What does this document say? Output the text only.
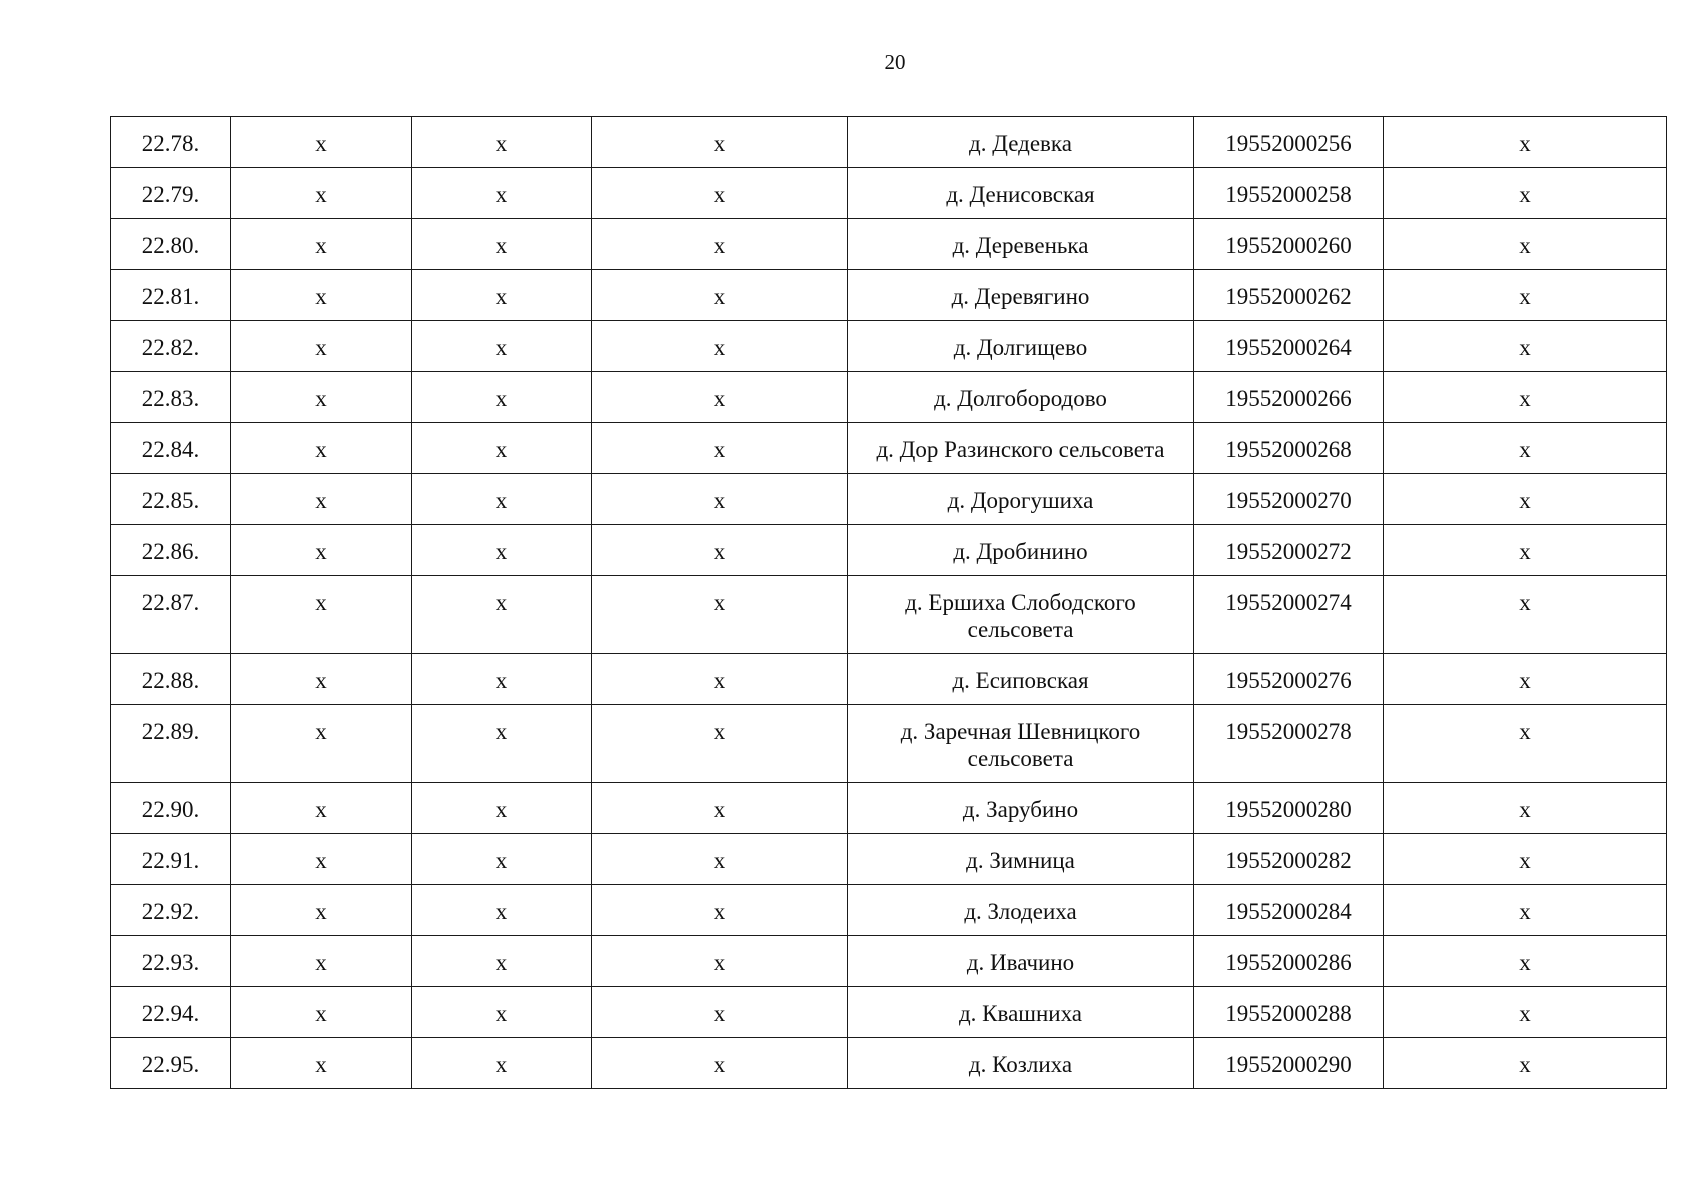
20
22.78.	x	x	x	д. Дедевка	19552000256	x
22.79.	x	x	x	д. Денисовская	19552000258	x
22.80.	x	x	x	д. Деревенька	19552000260	x
22.81.	x	x	x	д. Деревягино	19552000262	x
22.82.	x	x	x	д. Долгищево	19552000264	x
22.83.	x	x	x	д. Долгобородово	19552000266	x
22.84.	x	x	x	д. Дор Разинского сельсовета	19552000268	x
22.85.	x	x	x	д. Дорогушиха	19552000270	x
22.86.	x	x	x	д. Дробинино	19552000272	x
22.87.	x	x	x	д. Ершиха Слободского сельсовета	19552000274	x
22.88.	x	x	x	д. Есиповская	19552000276	x
22.89.	x	x	x	д. Заречная Шевницкого сельсовета	19552000278	x
22.90.	x	x	x	д. Зарубино	19552000280	x
22.91.	x	x	x	д. Зимница	19552000282	x
22.92.	x	x	x	д. Злодеиха	19552000284	x
22.93.	x	x	x	д. Ивачино	19552000286	x
22.94.	x	x	x	д. Квашниха	19552000288	x
22.95.	x	x	x	д. Козлиха	19552000290	x
